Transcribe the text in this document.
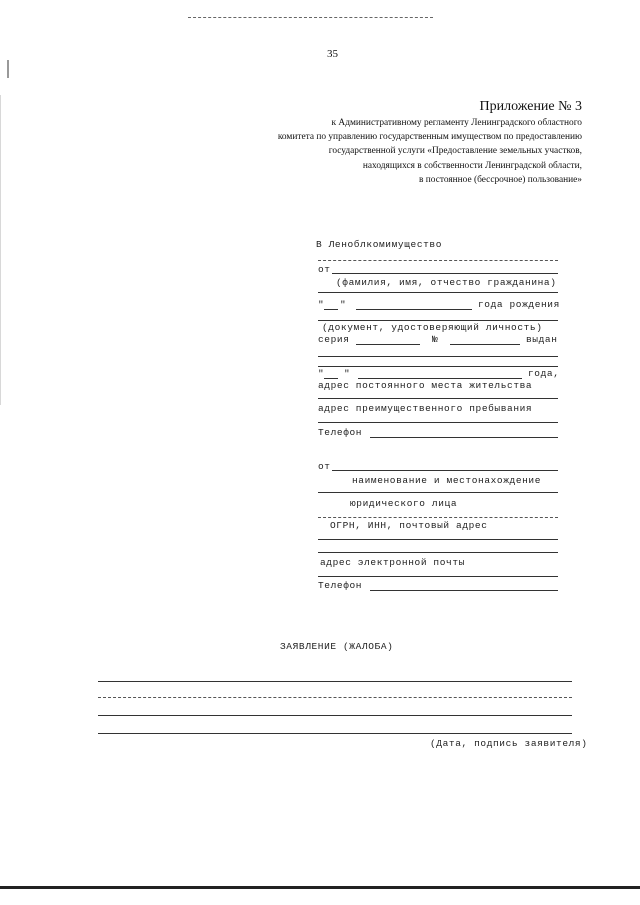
35
Приложение № 3
к Административному регламенту Ленинградского областного
комитета по управлению государственным имуществом по предоставлению
государственной услуги «Предоставление земельных участков,
находящихся в собственности Ленинградской области,
в постоянное (бессрочное) пользование»
В Леноблкомимущество
от
(фамилия, имя, отчество гражданина)
" "	года рождения
(документ, удостоверяющий личность)
серия	№	выдан
" "	года,
адрес постоянного места жительства
адрес преимущественного пребывания
Телефон
от
наименование и местонахождение
юридического лица
ОГРН, ИНН, почтовый адрес
адрес электронной почты
Телефон
ЗАЯВЛЕНИЕ (ЖАЛОБА)
(Дата, подпись заявителя)
